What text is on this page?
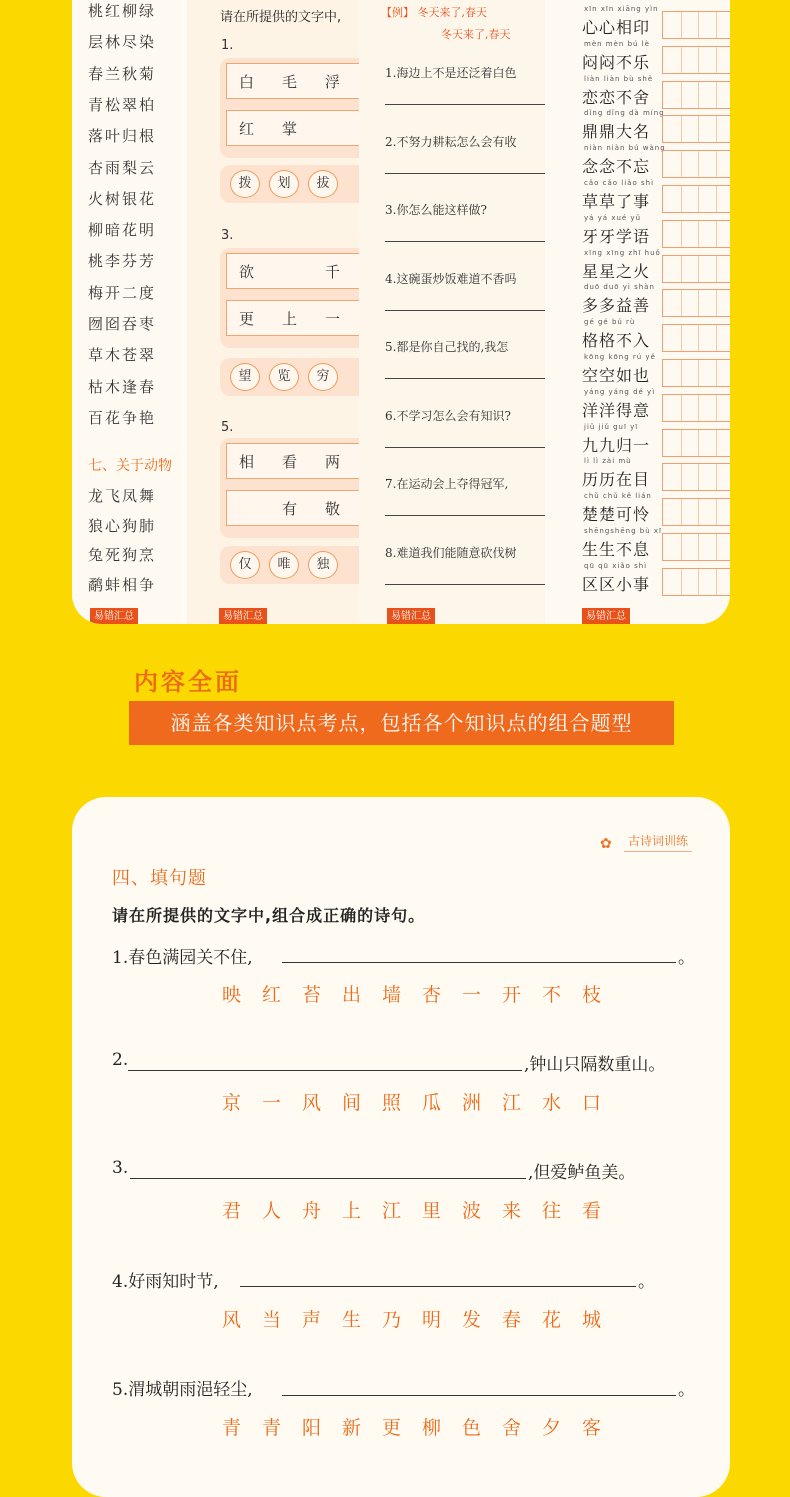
桃红柳绿
层林尽染
春兰秋菊
青松翠柏
落叶归根
杏雨梨云
火树银花
柳暗花明
桃李芬芳
梅开二度
囫囵吞枣
草木苍翠
枯木逢春
百花争艳
七、关于动物
龙飞凤舞
狼心狗肺
兔死狗烹
鹬蚌相争
易错汇总
请在所提供的文字中,
1.
白 毛 浮
红 掌
拨	划	拔
3.
欲	千
更 上 一
望	览	穷
5.
相 看 两
有 敬
仅	唯	独
易错汇总
【例】 冬天来了,春天
冬天来了,春天
1.海边上不是还泛着白色
2.不努力耕耘怎么会有收
3.你怎么能这样做?
4.这碗蛋炒饭难道不香吗
5.都是你自己找的,我怎
6.不学习怎么会有知识?
7.在运动会上夺得冠军,
8.难道我们能随意砍伐树
易错汇总
xīn xīn xiāng yìn
心心相印
mèn mèn bú lè
闷闷不乐
liàn liàn bù shě
恋恋不舍
dǐng dǐng dà míng
鼎鼎大名
niàn niàn bú wàng
念念不忘
cǎo cǎo liǎo shì
草草了事
yá yá xué yǔ
牙牙学语
xīng xīng zhī huǒ
星星之火
duō duō yì shàn
多多益善
gé gé bú rù
格格不入
kōng kōng rú yě
空空如也
yáng yáng dé yì
洋洋得意
jiǔ jiǔ guī yī
九九归一
lì lì zài mù
历历在目
chǔ chǔ kě lián
楚楚可怜
shēngshēng bù xī
生生不息
qū qū xiǎo shì
区区小事
易错汇总
内容全面
涵盖各类知识点考点，包括各个知识点的组合题型
✿	古诗词训练
四、填句题
请在所提供的文字中,组合成正确的诗句。
1.春色满园关不住,	。
映 红 苔 出 墙 杏 一 开 不 枝
2.	,钟山只隔数重山。
京 一 风 间 照 瓜 洲 江 水 口
3.	,但爱鲈鱼美。
君 人 舟 上 江 里 波 来 往 看
4.好雨知时节,	。
风 当 声 生 乃 明 发 春 花 城
5.渭城朝雨浥轻尘,	。
青 青 阳 新 更 柳 色 舍 夕 客
